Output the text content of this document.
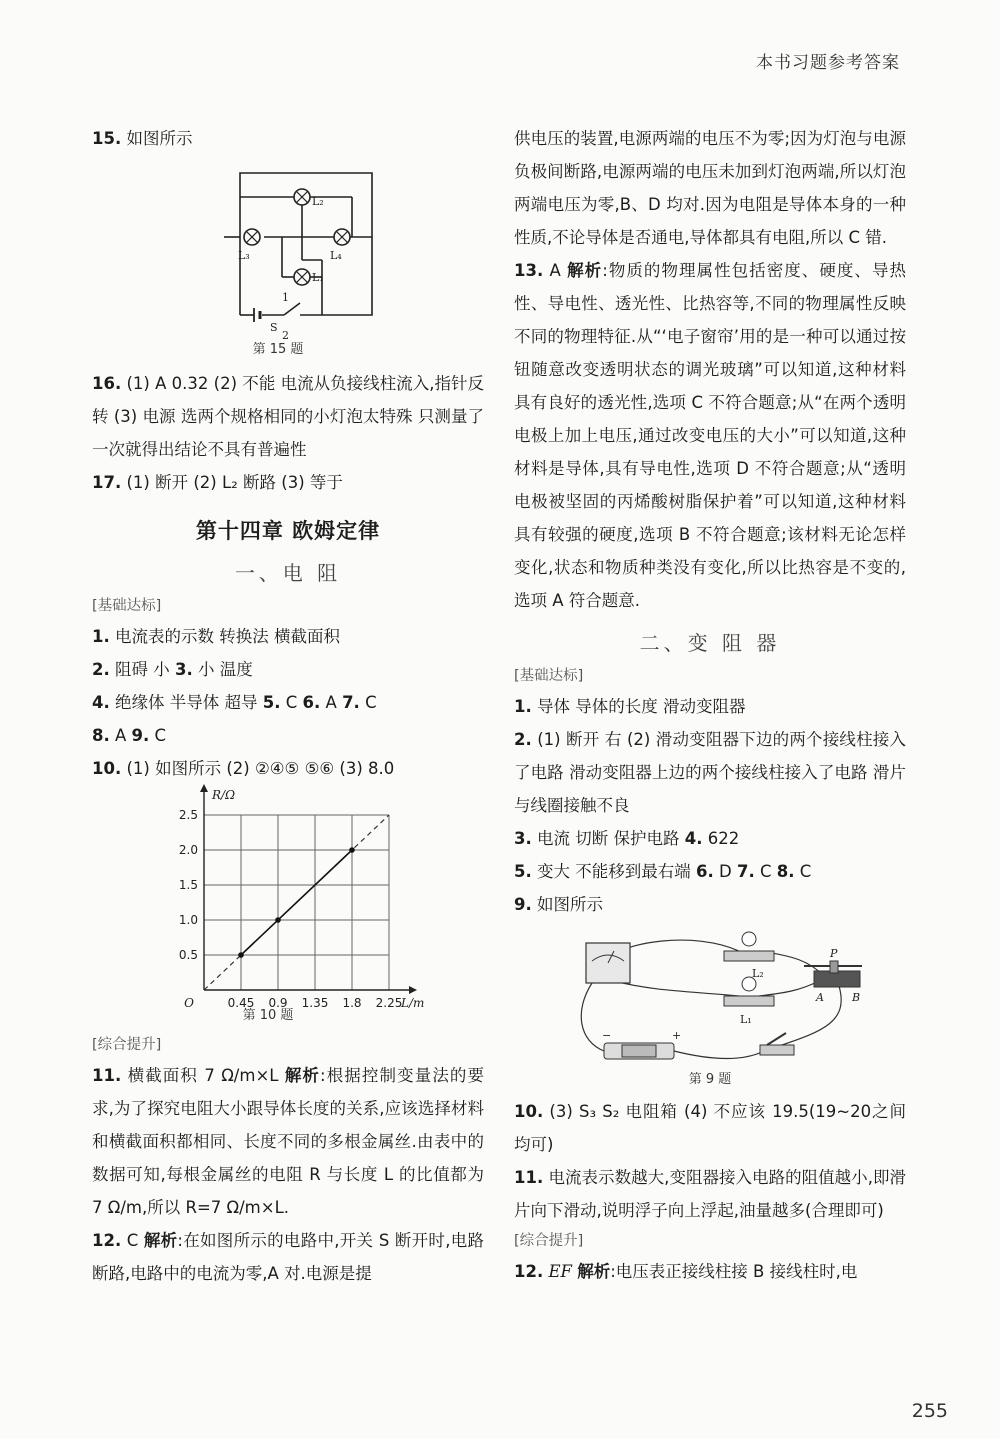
本书习题参考答案

15. 如图所示

L₂
L₃	L₄
L₁
1
S
2
第 15 题

16. (1) A 0.32 (2) 不能 电流从负接线柱流入,指针反转 (3) 电源 选两个规格相同的小灯泡太特殊 只测量了一次就得出结论不具有普遍性

17. (1) 断开 (2) L₂ 断路 (3) 等于

第十四章 欧姆定律
一、电 阻
[基础达标]

1. 电流表的示数 转换法 横截面积

2. 阻碍 小 3. 小 温度

4. 绝缘体 半导体 超导 5. C 6. A 7. C

8. A 9. C

10. (1) 如图所示 (2) ②④⑤ ⑤⑥ (3) 8.0

0.45 0.9 1.35 1.8 2.25
0.5
1.0
1.5
2.0
2.5
O
R/Ω
L/m
第 10 题
[综合提升]

11. 横截面积 7 Ω/m×L 解析:根据控制变量法的要求,为了探究电阻大小跟导体长度的关系,应该选择材料和横截面积都相同、长度不同的多根金属丝.由表中的数据可知,每根金属丝的电阻 R 与长度 L 的比值都为 7 Ω/m,所以 R=7 Ω/m×L.

12. C 解析:在如图所示的电路中,开关 S 断开时,电路断路,电路中的电流为零,A 对.电源是提

供电压的装置,电源两端的电压不为零;因为灯泡与电源负极间断路,电源两端的电压未加到灯泡两端,所以灯泡两端电压为零,B、D 均对.因为电阻是导体本身的一种性质,不论导体是否通电,导体都具有电阻,所以 C 错.

13. A 解析:物质的物理属性包括密度、硬度、导热性、导电性、透光性、比热容等,不同的物理属性反映不同的物理特征.从“‘电子窗帘’用的是一种可以通过按钮随意改变透明状态的调光玻璃”可以知道,这种材料具有良好的透光性,选项 C 不符合题意;从“在两个透明电极上加上电压,通过改变电压的大小”可以知道,这种材料是导体,具有导电性,选项 D 不符合题意;从“透明电极被坚固的丙烯酸树脂保护着”可以知道,这种材料具有较强的硬度,选项 B 不符合题意;该材料无论怎样变化,状态和物质种类没有变化,所以比热容是不变的,选项 A 符合题意.

二、变 阻 器
[基础达标]

1. 导体 导体的长度 滑动变阻器

2. (1) 断开 右 (2) 滑动变阻器下边的两个接线柱接入了电路 滑动变阻器上边的两个接线柱接入了电路 滑片与线圈接触不良

3. 电流 切断 保护电路 4. 622

5. 变大 不能移到最右端 6. D 7. C 8. C

9. 如图所示

L₂
L₁
P
A	B
−	+
第 9 题

10. (3) S₃ S₂ 电阻箱 (4) 不应该 19.5(19~20之间均可)

11. 电流表示数越大,变阻器接入电路的阻值越小,即滑片向下滑动,说明浮子向上浮起,油量越多(合理即可)

[综合提升]

12. EF 解析:电压表正接线柱接 B 接线柱时,电

255
